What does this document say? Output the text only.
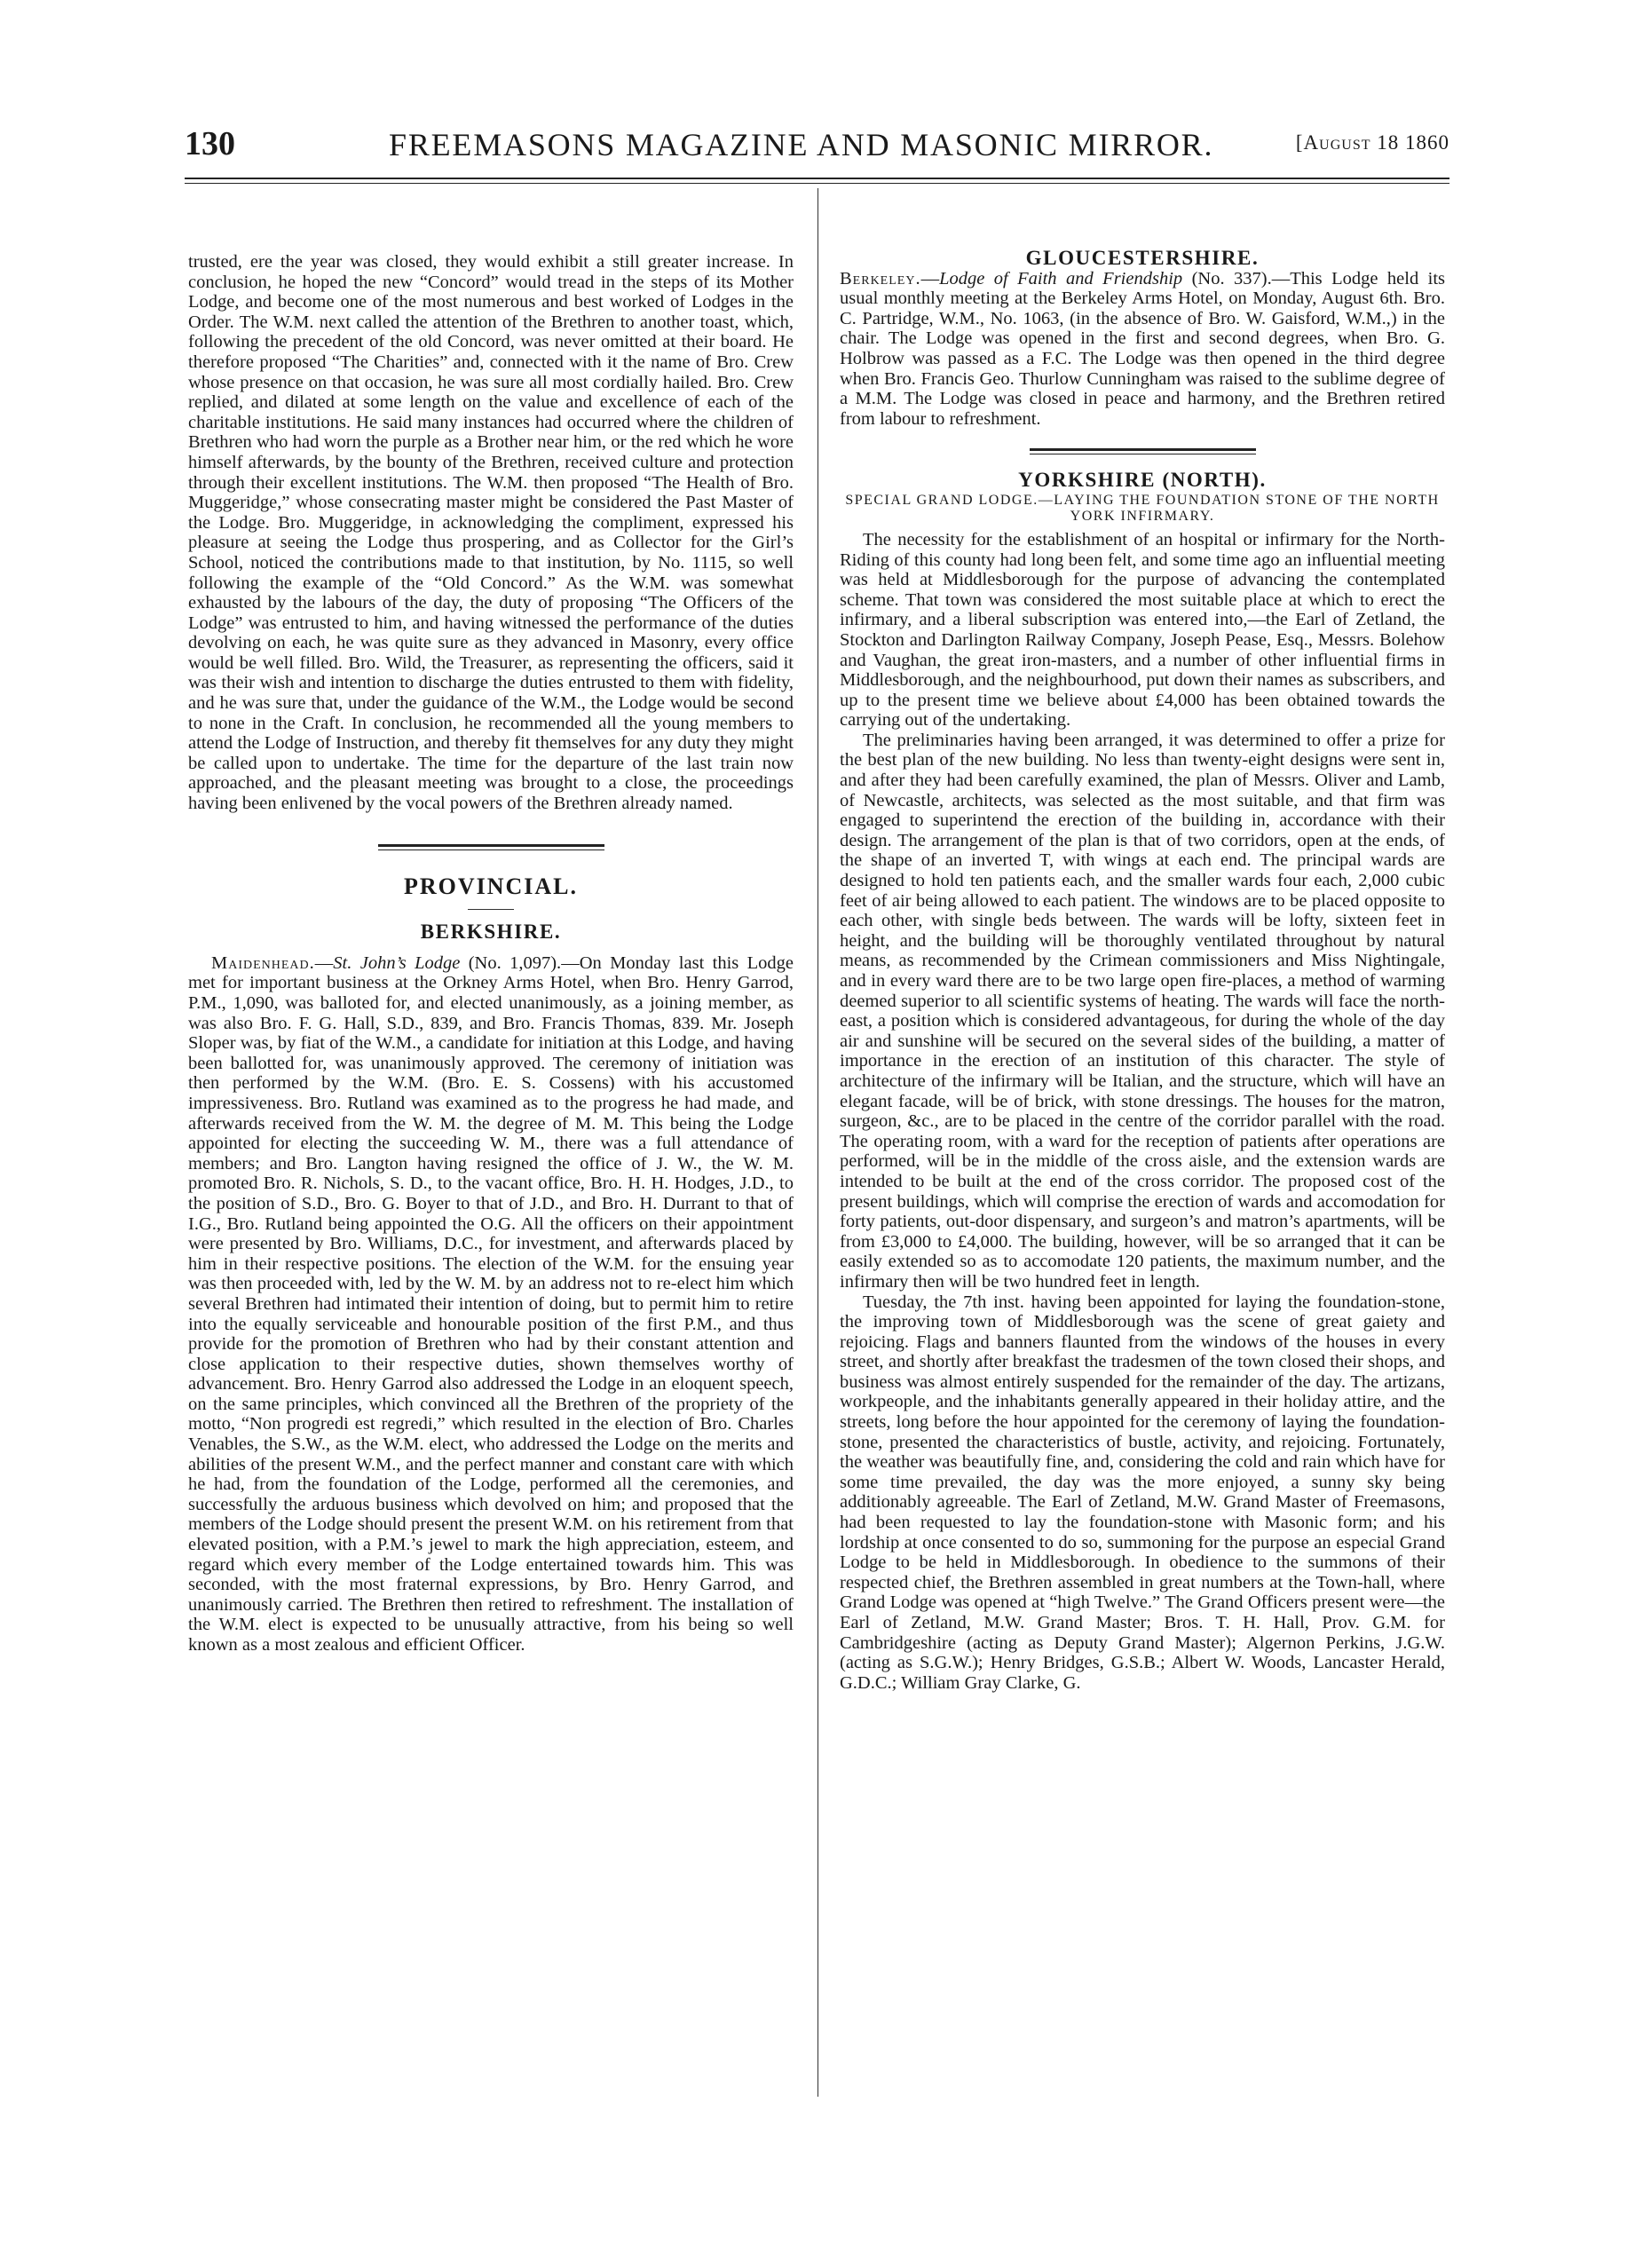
130	FREEMASONS MAGAZINE AND MASONIC MIRROR.	[August 18 1860

trusted, ere the year was closed, they would exhibit a still greater increase. In conclusion, he hoped the new “Concord” would tread in the steps of its Mother Lodge, and become one of the most numerous and best worked of Lodges in the Order. The W.M. next called the attention of the Brethren to another toast, which, following the precedent of the old Concord, was never omitted at their board. He therefore proposed “The Charities” and, connected with it the name of Bro. Crew whose presence on that occasion, he was sure all most cordially hailed. Bro. Crew replied, and dilated at some length on the value and excellence of each of the charitable institutions. He said many instances had occurred where the children of Brethren who had worn the purple as a Brother near him, or the red which he wore himself afterwards, by the bounty of the Brethren, received culture and protection through their excellent institutions. The W.M. then proposed “The Health of Bro. Muggeridge,” whose consecrating master might be considered the Past Master of the Lodge. Bro. Muggeridge, in acknowledging the compliment, expressed his pleasure at seeing the Lodge thus prospering, and as Collector for the Girl’s School, noticed the contributions made to that institution, by No. 1115, so well following the example of the “Old Concord.” As the W.M. was somewhat exhausted by the labours of the day, the duty of proposing “The Officers of the Lodge” was entrusted to him, and having witnessed the performance of the duties devolving on each, he was quite sure as they advanced in Masonry, every office would be well filled. Bro. Wild, the Treasurer, as representing the officers, said it was their wish and intention to discharge the duties entrusted to them with fidelity, and he was sure that, under the guidance of the W.M., the Lodge would be second to none in the Craft. In conclusion, he recommended all the young members to attend the Lodge of Instruction, and thereby fit themselves for any duty they might be called upon to undertake. The time for the departure of the last train now approached, and the pleasant meeting was brought to a close, the proceedings having been enlivened by the vocal powers of the Brethren already named.

PROVINCIAL.
BERKSHIRE.

Maidenhead.—St. John’s Lodge (No. 1,097).—On Monday last this Lodge met for important business at the Orkney Arms Hotel, when Bro. Henry Garrod, P.M., 1,090, was balloted for, and elected unanimously, as a joining member, as was also Bro. F. G. Hall, S.D., 839, and Bro. Francis Thomas, 839. Mr. Joseph Sloper was, by fiat of the W.M., a candidate for initiation at this Lodge, and having been ballotted for, was unanimously approved. The ceremony of initiation was then performed by the W.M. (Bro. E. S. Cossens) with his accustomed impressiveness. Bro. Rutland was examined as to the progress he had made, and afterwards received from the W. M. the degree of M. M. This being the Lodge appointed for electing the succeeding W. M., there was a full attendance of members; and Bro. Langton having resigned the office of J. W., the W. M. promoted Bro. R. Nichols, S. D., to the vacant office, Bro. H. H. Hodges, J.D., to the position of S.D., Bro. G. Boyer to that of J.D., and Bro. H. Durrant to that of I.G., Bro. Rutland being appointed the O.G. All the officers on their appointment were presented by Bro. Williams, D.C., for investment, and afterwards placed by him in their respective positions. The election of the W.M. for the ensuing year was then proceeded with, led by the W. M. by an address not to re-elect him which several Brethren had intimated their intention of doing, but to permit him to retire into the equally serviceable and honourable position of the first P.M., and thus provide for the promotion of Brethren who had by their constant attention and close application to their respective duties, shown themselves worthy of advancement. Bro. Henry Garrod also addressed the Lodge in an eloquent speech, on the same principles, which convinced all the Brethren of the propriety of the motto, “Non progredi est regredi,” which resulted in the election of Bro. Charles Venables, the S.W., as the W.M. elect, who addressed the Lodge on the merits and abilities of the present W.M., and the perfect manner and constant care with which he had, from the foundation of the Lodge, performed all the ceremonies, and successfully the arduous business which devolved on him; and proposed that the members of the Lodge should present the present W.M. on his retirement from that elevated position, with a P.M.’s jewel to mark the high appreciation, esteem, and regard which every member of the Lodge entertained towards him. This was seconded, with the most fraternal expressions, by Bro. Henry Garrod, and unanimously carried. The Brethren then retired to refreshment. The installation of the W.M. elect is expected to be unusually attractive, from his being so well known as a most zealous and efficient Officer.

GLOUCESTERSHIRE.

Berkeley.—Lodge of Faith and Friendship (No. 337).—This Lodge held its usual monthly meeting at the Berkeley Arms Hotel, on Monday, August 6th. Bro. C. Partridge, W.M., No. 1063, (in the absence of Bro. W. Gaisford, W.M.,) in the chair. The Lodge was opened in the first and second degrees, when Bro. G. Holbrow was passed as a F.C. The Lodge was then opened in the third degree when Bro. Francis Geo. Thurlow Cunningham was raised to the sublime degree of a M.M. The Lodge was closed in peace and harmony, and the Brethren retired from labour to refreshment.

YORKSHIRE (NORTH).
SPECIAL GRAND LODGE.—LAYING THE FOUNDATION STONE OF THE NORTH YORK INFIRMARY.

The necessity for the establishment of an hospital or infirmary for the North-Riding of this county had long been felt, and some time ago an influential meeting was held at Middlesborough for the purpose of advancing the contemplated scheme. That town was considered the most suitable place at which to erect the infirmary, and a liberal subscription was entered into,—the Earl of Zetland, the Stockton and Darlington Railway Company, Joseph Pease, Esq., Messrs. Bolehow and Vaughan, the great iron-masters, and a number of other influential firms in Middlesborough, and the neighbourhood, put down their names as subscribers, and up to the present time we believe about £4,000 has been obtained towards the carrying out of the undertaking.

The preliminaries having been arranged, it was determined to offer a prize for the best plan of the new building. No less than twenty-eight designs were sent in, and after they had been carefully examined, the plan of Messrs. Oliver and Lamb, of Newcastle, architects, was selected as the most suitable, and that firm was engaged to superintend the erection of the building in, accordance with their design. The arrangement of the plan is that of two corridors, open at the ends, of the shape of an inverted T, with wings at each end. The principal wards are designed to hold ten patients each, and the smaller wards four each, 2,000 cubic feet of air being allowed to each patient. The windows are to be placed opposite to each other, with single beds between. The wards will be lofty, sixteen feet in height, and the building will be thoroughly ventilated throughout by natural means, as recommended by the Crimean commissioners and Miss Nightingale, and in every ward there are to be two large open fire-places, a method of warming deemed superior to all scientific systems of heating. The wards will face the north-east, a position which is considered advantageous, for during the whole of the day air and sunshine will be secured on the several sides of the building, a matter of importance in the erection of an institution of this character. The style of architecture of the infirmary will be Italian, and the structure, which will have an elegant facade, will be of brick, with stone dressings. The houses for the matron, surgeon, &c., are to be placed in the centre of the corridor parallel with the road. The operating room, with a ward for the reception of patients after operations are performed, will be in the middle of the cross aisle, and the extension wards are intended to be built at the end of the cross corridor. The proposed cost of the present buildings, which will comprise the erection of wards and accomodation for forty patients, out-door dispensary, and surgeon’s and matron’s apartments, will be from £3,000 to £4,000. The building, however, will be so arranged that it can be easily extended so as to accomodate 120 patients, the maximum number, and the infirmary then will be two hundred feet in length.

Tuesday, the 7th inst. having been appointed for laying the foundation-stone, the improving town of Middlesborough was the scene of great gaiety and rejoicing. Flags and banners flaunted from the windows of the houses in every street, and shortly after breakfast the tradesmen of the town closed their shops, and business was almost entirely suspended for the remainder of the day. The artizans, workpeople, and the inhabitants generally appeared in their holiday attire, and the streets, long before the hour appointed for the ceremony of laying the foundation-stone, presented the characteristics of bustle, activity, and rejoicing. Fortunately, the weather was beautifully fine, and, considering the cold and rain which have for some time prevailed, the day was the more enjoyed, a sunny sky being additionably agreeable. The Earl of Zetland, M.W. Grand Master of Freemasons, had been requested to lay the foundation-stone with Masonic form; and his lordship at once consented to do so, summoning for the purpose an especial Grand Lodge to be held in Middlesborough. In obedience to the summons of their respected chief, the Brethren assembled in great numbers at the Town-hall, where Grand Lodge was opened at “high Twelve.” The Grand Officers present were—the Earl of Zetland, M.W. Grand Master; Bros. T. H. Hall, Prov. G.M. for Cambridgeshire (acting as Deputy Grand Master); Algernon Perkins, J.G.W. (acting as S.G.W.); Henry Bridges, G.S.B.; Albert W. Woods, Lancaster Herald, G.D.C.; William Gray Clarke, G.
